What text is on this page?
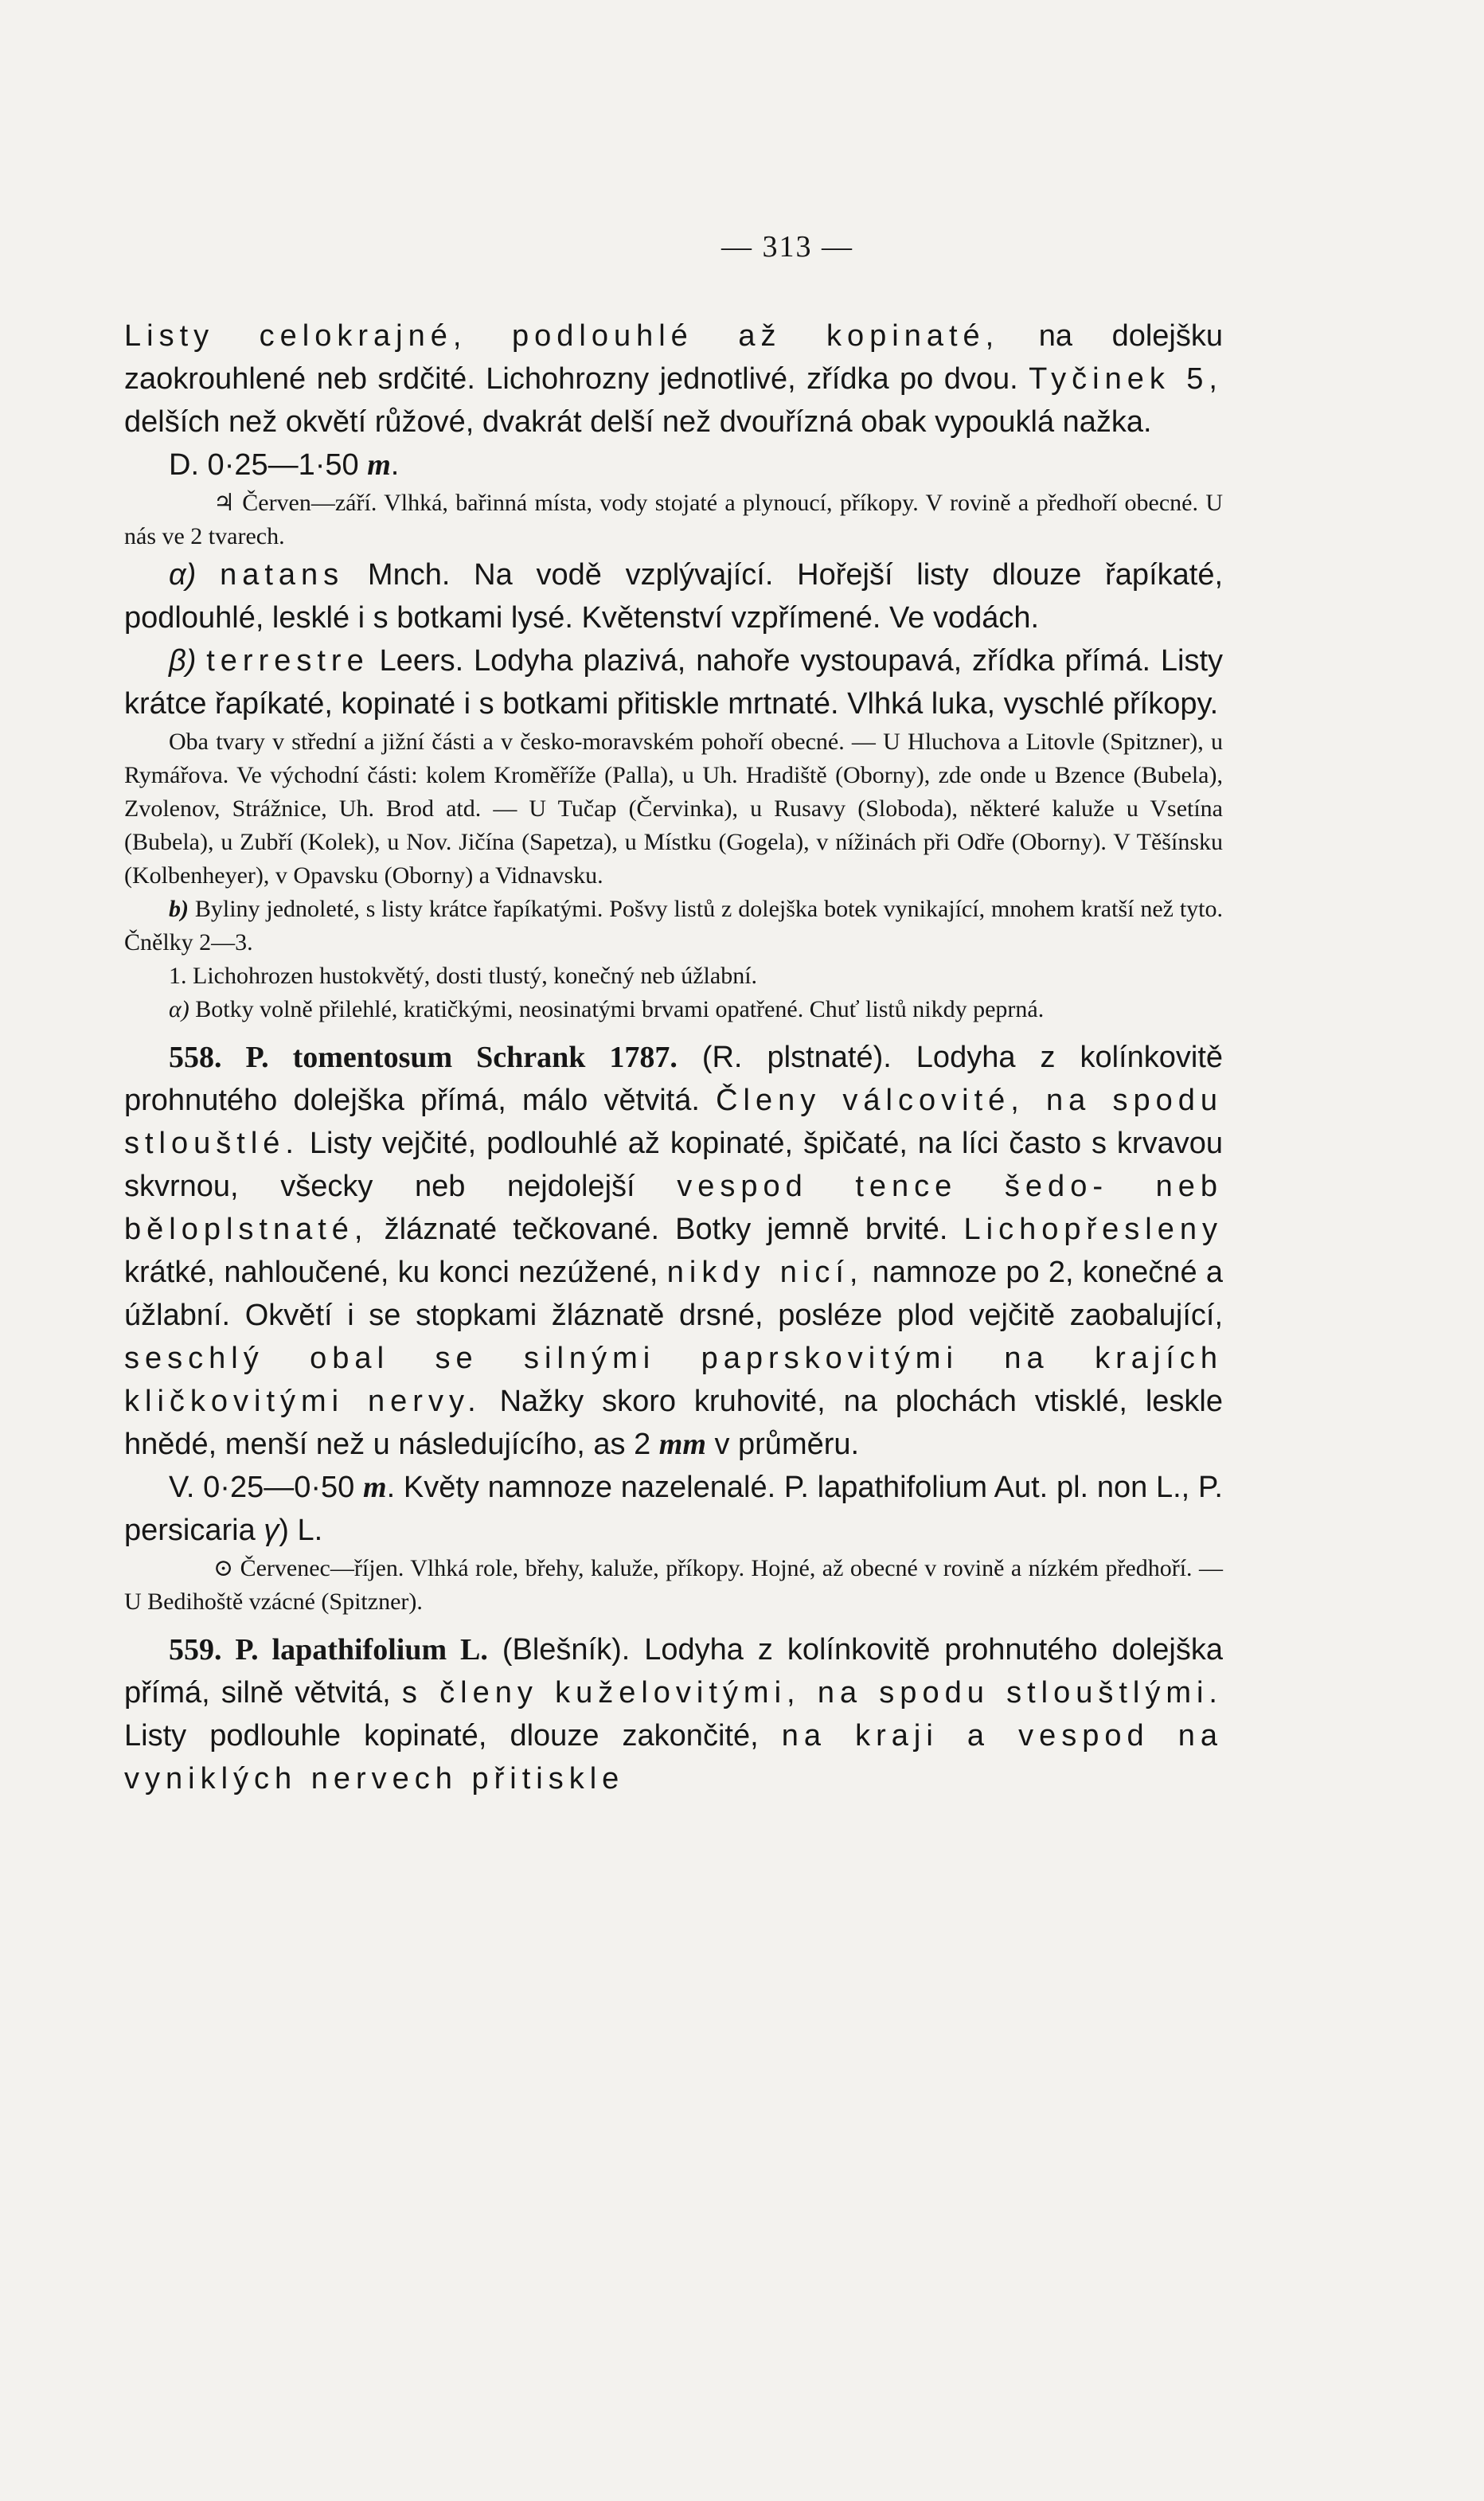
— 313 —

Listy celokrajné, podlouhlé až kopinaté, na dolejšku zaokrouhlené neb srdčité. Lichohrozny jednotlivé, zřídka po dvou. Tyčinek 5, delších než okvětí růžové, dvakrát delší než dvouřízná obak vypouklá nažka.

D. 0·25—1·50 m.

♃ Červen—září. Vlhká, bařinná místa, vody stojaté a plynoucí, příkopy. V rovině a předhoří obecné. U nás ve 2 tvarech.

α) natans Mnch. Na vodě vzplývající. Hořejší listy dlouze řapíkaté, podlouhlé, lesklé i s botkami lysé. Květenství vzpřímené. Ve vodách.

β) terrestre Leers. Lodyha plazivá, nahoře vystoupavá, zřídka přímá. Listy krátce řapíkaté, kopinaté i s botkami přitiskle mrtnaté. Vlhká luka, vyschlé příkopy.

Oba tvary v střední a jižní části a v česko-moravském pohoří obecné. — U Hluchova a Litovle (Spitzner), u Rymářova. Ve východní části: kolem Kroměříže (Palla), u Uh. Hradiště (Oborny), zde onde u Bzence (Bubela), Zvolenov, Strážnice, Uh. Brod atd. — U Tučap (Červinka), u Rusavy (Sloboda), některé kaluže u Vsetína (Bubela), u Zubří (Kolek), u Nov. Jičína (Sapetza), u Místku (Gogela), v nížinách při Odře (Oborny). V Těšínsku (Kolbenheyer), v Opavsku (Oborny) a Vidnavsku.

b) Byliny jednoleté, s listy krátce řapíkatými. Pošvy listů z dolejška botek vynikající, mnohem kratší než tyto. Čnělky 2—3.

1. Lichohrozen hustokvětý, dosti tlustý, konečný neb úžlabní.

α) Botky volně přilehlé, kratičkými, neosinatými brvami opatřené. Chuť listů nikdy peprná.

558. P. tomentosum Schrank 1787. (R. plstnaté). Lodyha z kolínkovitě prohnutého dolejška přímá, málo větvitá. Členy válcovité, na spodu stlouštlé. Listy vejčité, podlouhlé až kopinaté, špičaté, na líci často s krvavou skvrnou, všecky neb nejdolejší vespod tence šedo- neb běloplstnaté, žláznaté tečkované. Botky jemně brvité. Lichopřesleny krátké, nahloučené, ku konci nezúžené, nikdy nicí, namnoze po 2, konečné a úžlabní. Okvětí i se stopkami žláznatě drsné, posléze plod vejčitě zaobalující, seschlý obal se silnými paprskovitými na krajích kličkovitými nervy. Nažky skoro kruhovité, na plochách vtisklé, leskle hnědé, menší než u následujícího, as 2 mm v průměru.

V. 0·25—0·50 m. Květy namnoze nazelenalé. P. lapathifolium Aut. pl. non L., P. persicaria γ) L.

⊙ Červenec—říjen. Vlhká role, břehy, kaluže, příkopy. Hojné, až obecné v rovině a nízkém předhoří. — U Bedihoště vzácné (Spitzner).

559. P. lapathifolium L. (Blešník). Lodyha z kolínkovitě prohnutého dolejška přímá, silně větvitá, s členy kuželovitými, na spodu stlouštlými. Listy podlouhle kopinaté, dlouze zakončité, na kraji a vespod na vyniklých nervech přitiskle
